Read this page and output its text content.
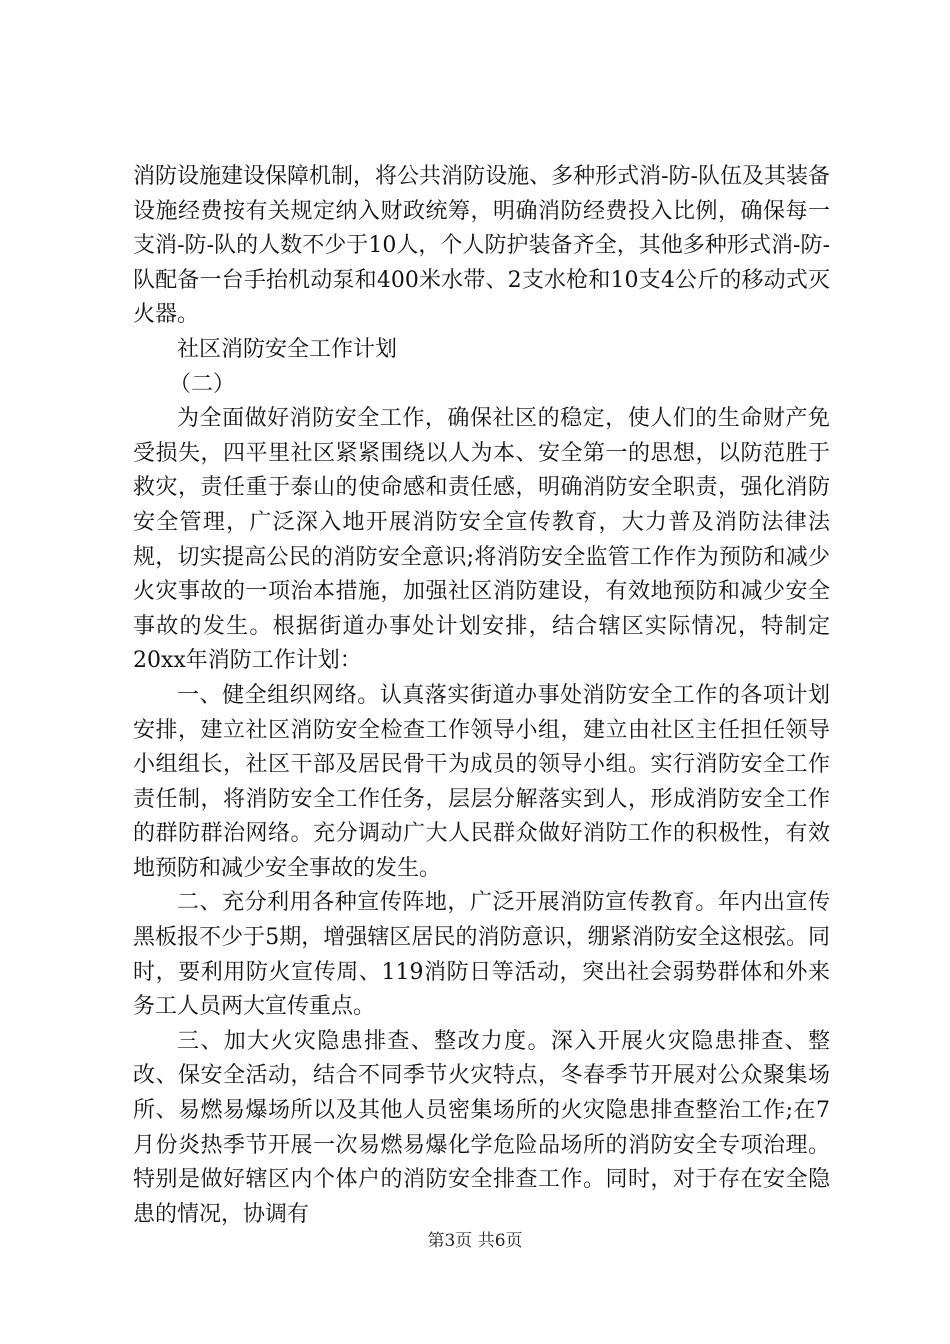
消防设施建设保障机制，将公共消防设施、多种形式消-防-队伍及其装备设施经费按有关规定纳入财政统筹，明确消防经费投入比例，确保每一支消-防-队的人数不少于10人，个人防护装备齐全，其他多种形式消-防-队配备一台手抬机动泵和400米水带、2支水枪和10支4公斤的移动式灭火器。

社区消防安全工作计划

（二）

为全面做好消防安全工作，确保社区的稳定，使人们的生命财产免受损失，四平里社区紧紧围绕以人为本、安全第一的思想，以防范胜于救灾，责任重于泰山的使命感和责任感，明确消防安全职责，强化消防安全管理，广泛深入地开展消防安全宣传教育，大力普及消防法律法规，切实提高公民的消防安全意识;将消防安全监管工作作为预防和减少火灾事故的一项治本措施，加强社区消防建设，有效地预防和减少安全事故的发生。根据街道办事处计划安排，结合辖区实际情况，特制定20xx年消防工作计划：

一、健全组织网络。认真落实街道办事处消防安全工作的各项计划安排，建立社区消防安全检查工作领导小组，建立由社区主任担任领导小组组长，社区干部及居民骨干为成员的领导小组。实行消防安全工作责任制，将消防安全工作任务，层层分解落实到人，形成消防安全工作的群防群治网络。充分调动广大人民群众做好消防工作的积极性，有效地预防和减少安全事故的发生。

二、充分利用各种宣传阵地，广泛开展消防宣传教育。年内出宣传黑板报不少于5期，增强辖区居民的消防意识，绷紧消防安全这根弦。同时，要利用防火宣传周、119消防日等活动，突出社会弱势群体和外来务工人员两大宣传重点。

三、加大火灾隐患排查、整改力度。深入开展火灾隐患排查、整改、保安全活动，结合不同季节火灾特点，冬春季节开展对公众聚集场所、易燃易爆场所以及其他人员密集场所的火灾隐患排查整治工作;在7月份炎热季节开展一次易燃易爆化学危险品场所的消防安全专项治理。特别是做好辖区内个体户的消防安全排查工作。同时，对于存在安全隐患的情况，协调有

第3页 共6页
